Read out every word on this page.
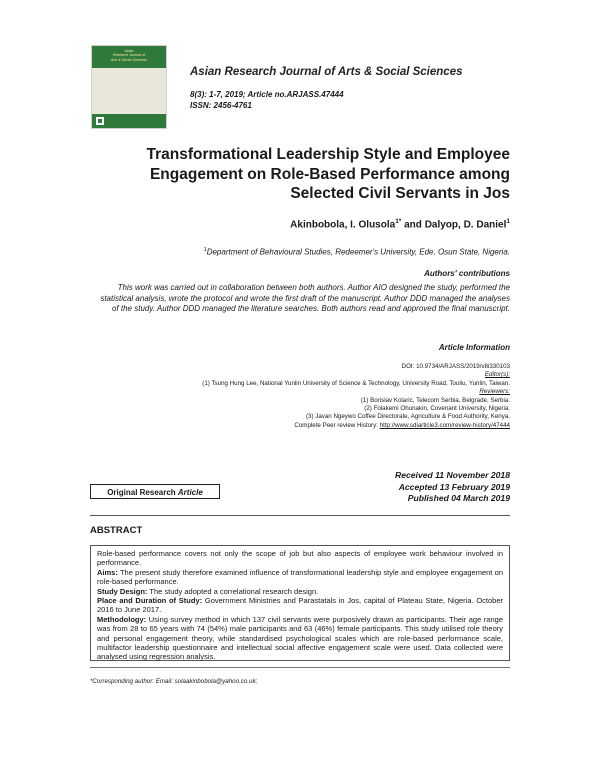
Asian
Research Journal of
Arts & Social Sciences
Asian Research Journal of Arts & Social Sciences
8(3): 1-7, 2019; Article no.ARJASS.47444
ISSN: 2456-4761
Transformational Leadership Style and Employee Engagement on Role-Based Performance among Selected Civil Servants in Jos
Akinbobola, I. Olusola$^{1*}$ and Dalyop, D. Daniel$^1$
$^1$Department of Behavioural Studies, Redeemer's University, Ede, Osun State, Nigeria.
Authors' contributions
This work was carried out in collaboration between both authors. Author AIO designed the study, performed the statistical analysis, wrote the protocol and wrote the first draft of the manuscript. Author DDD managed the analyses of the study. Author DDD managed the literature searches. Both authors read and approved the final manuscript.
Article Information
DOI: 10.9734/ARJASS/2019/v8i330103
Editor(s):
(1) Tsung Hung Lee, National Yunlin University of Science & Technology, University Road, Touliu, Yunlin, Taiwan.
Reviewers:
(1) Borislav Kolaric, Telecom Serbia, Belgrade, Serbia.
(2) Folakemi Ohunakin, Covenant University, Nigeria.
(3) Javan Ngeywo Coffee Directorate, Agriculture & Food Authority, Kenya.
Complete Peer review History: http://www.sdiarticle3.com/review-history/47444
Received 11 November 2018
Accepted 13 February 2019
Published 04 March 2019
Original Research Article
ABSTRACT

Role-based performance covers not only the scope of job but also aspects of employee work behaviour involved in performance.

Aims: The present study therefore examined influence of transformational leadership style and employee engagement on role-based performance.

Study Design: The study adopted a correlational research design.

Place and Duration of Study: Government Ministries and Parastatals in Jos, capital of Plateau State, Nigeria. October 2016 to June 2017.

Methodology: Using survey method in which 137 civil servants were purposively drawn as participants. Their age range was from 28 to 65 years with 74 (54%) male participants and 63 (46%) female participants. This study utilised role theory and personal engagement theory, while standardised psychological scales which are role-based performance scale, multifactor leadership questionnaire and intellectual social affective engagement scale were used. Data collected were analysed using regression analysis.

*Corresponding author: Email: solaakinbobola@yahoo.co.uk;
